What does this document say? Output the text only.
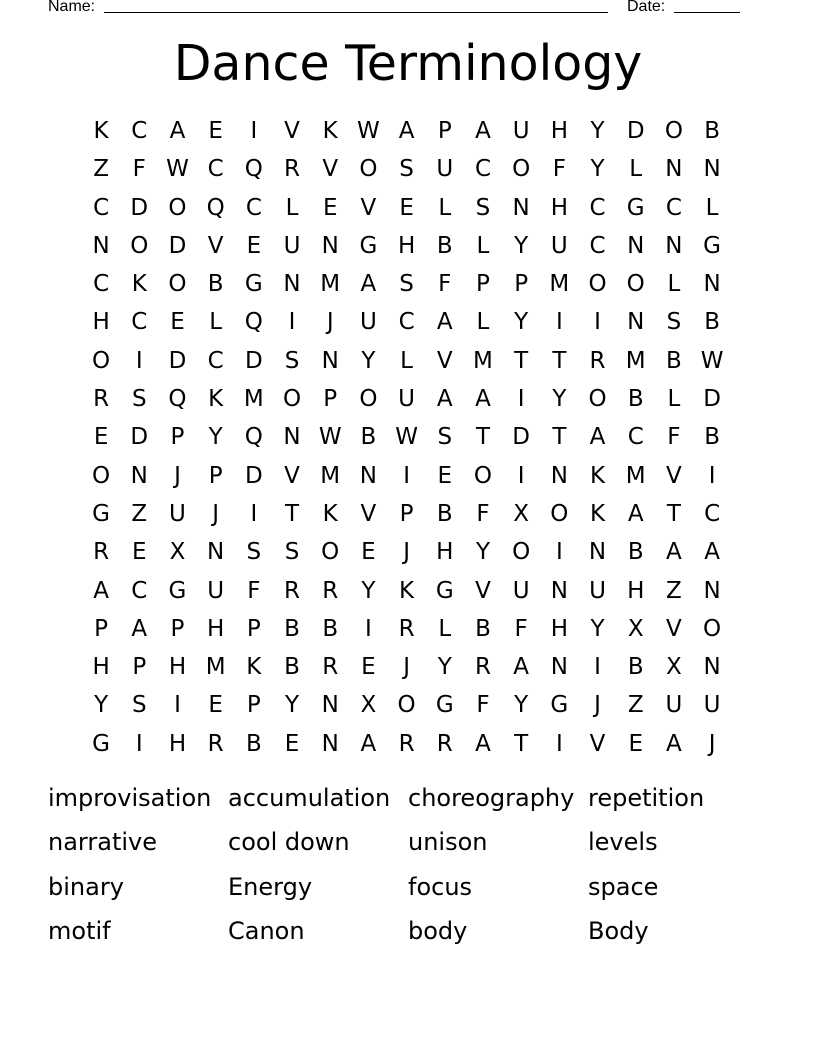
Name:	Date:
Dance Terminology
K C A	E	I	V K W A	P	A U H Y D O B
Z	F W C Q R V O S U C O F	Y	L	N N
C D O Q C	L	E	V	E	L	S N H C G C	L
N O D V	E U N G H B	L	Y U C N N G
C K O B G N M A	S	F	P	P M O O L	N
H C E	L Q	I	J	U C A	L	Y	I	I	N S	B
O	I	D C D S N Y	L	V M T	T	R M B W
R S Q K M O P O U A A	I	Y O B	L D
E D P	Y Q N W B W S	T D T	A C	F	B
O N	J	P D V M N	I	E O	I	N K M V	I
G Z U	J	I	T	K V	P	B	F	X O K A	T	C
R E	X N S	S O E	J	H Y O	I	N B A A
A C G U	F	R R	Y	K G V U N U H Z N
P	A	P H P	B B	I	R	L	B	F H Y	X V O
H P H M K B R E	J	Y	R A N	I	B X N
Y	S	I	E	P	Y N X O G F	Y G	J	Z U U
G	I	H R B	E N A R R A	T	I	V	E	A	J
improvisation accumulation choreography repetition
narrative	cool down	unison	levels
binary	Energy	focus	space
motif	Canon	body	Body
